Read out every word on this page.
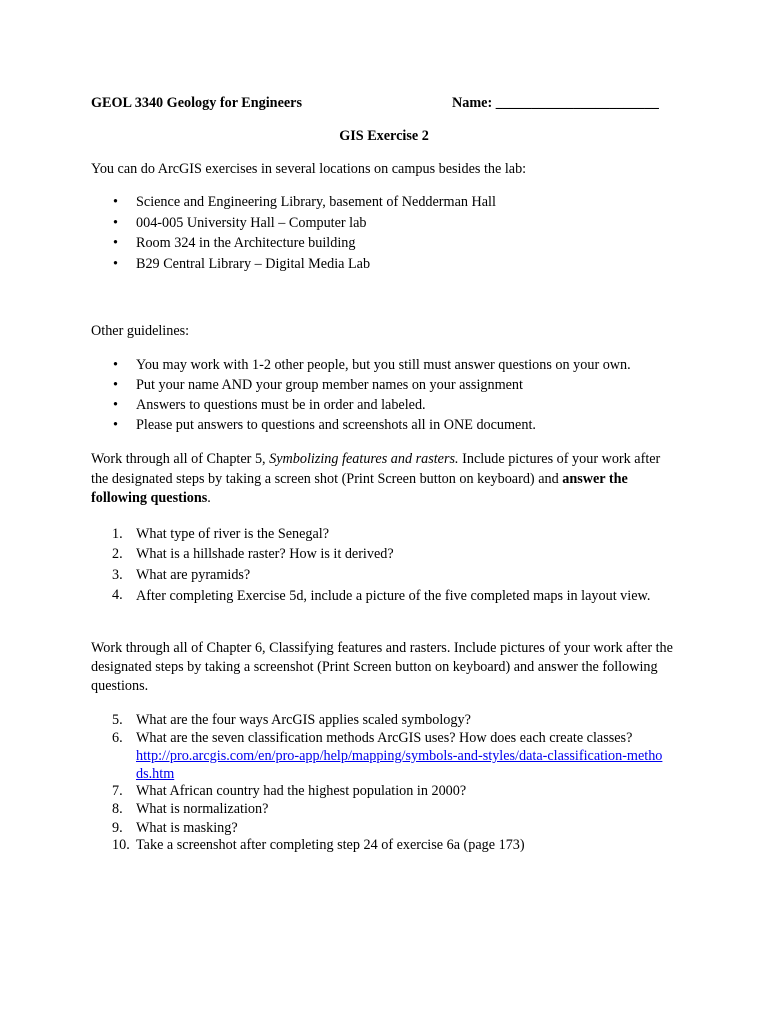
GEOL 3340 Geology for Engineers	Name: _______________________
GIS Exercise 2
You can do ArcGIS exercises in several locations on campus besides the lab:
• Science and Engineering Library, basement of Nedderman Hall
• 004-005 University Hall – Computer lab
• Room 324 in the Architecture building
• B29 Central Library – Digital Media Lab
Other guidelines:
• You may work with 1-2 other people, but you still must answer questions on your own.
• Put your name AND your group member names on your assignment
• Answers to questions must be in order and labeled.
• Please put answers to questions and screenshots all in ONE document.
Work through all of Chapter 5, Symbolizing features and rasters. Include pictures of your work after the designated steps by taking a screen shot (Print Screen button on keyboard) and answer the following questions.
1. What type of river is the Senegal?
2. What is a hillshade raster? How is it derived?
3. What are pyramids?
4. After completing Exercise 5d, include a picture of the five completed maps in layout view.
Work through all of Chapter 6, Classifying features and rasters. Include pictures of your work after the designated steps by taking a screenshot (Print Screen button on keyboard) and answer the following questions.
5. What are the four ways ArcGIS applies scaled symbology?
6. What are the seven classification methods ArcGIS uses? How does each create classes?
http://pro.arcgis.com/en/pro-app/help/mapping/symbols-and-styles/data-classification-methods.htm
7. What African country had the highest population in 2000?
8. What is normalization?
9. What is masking?
10. Take a screenshot after completing step 24 of exercise 6a (page 173)
